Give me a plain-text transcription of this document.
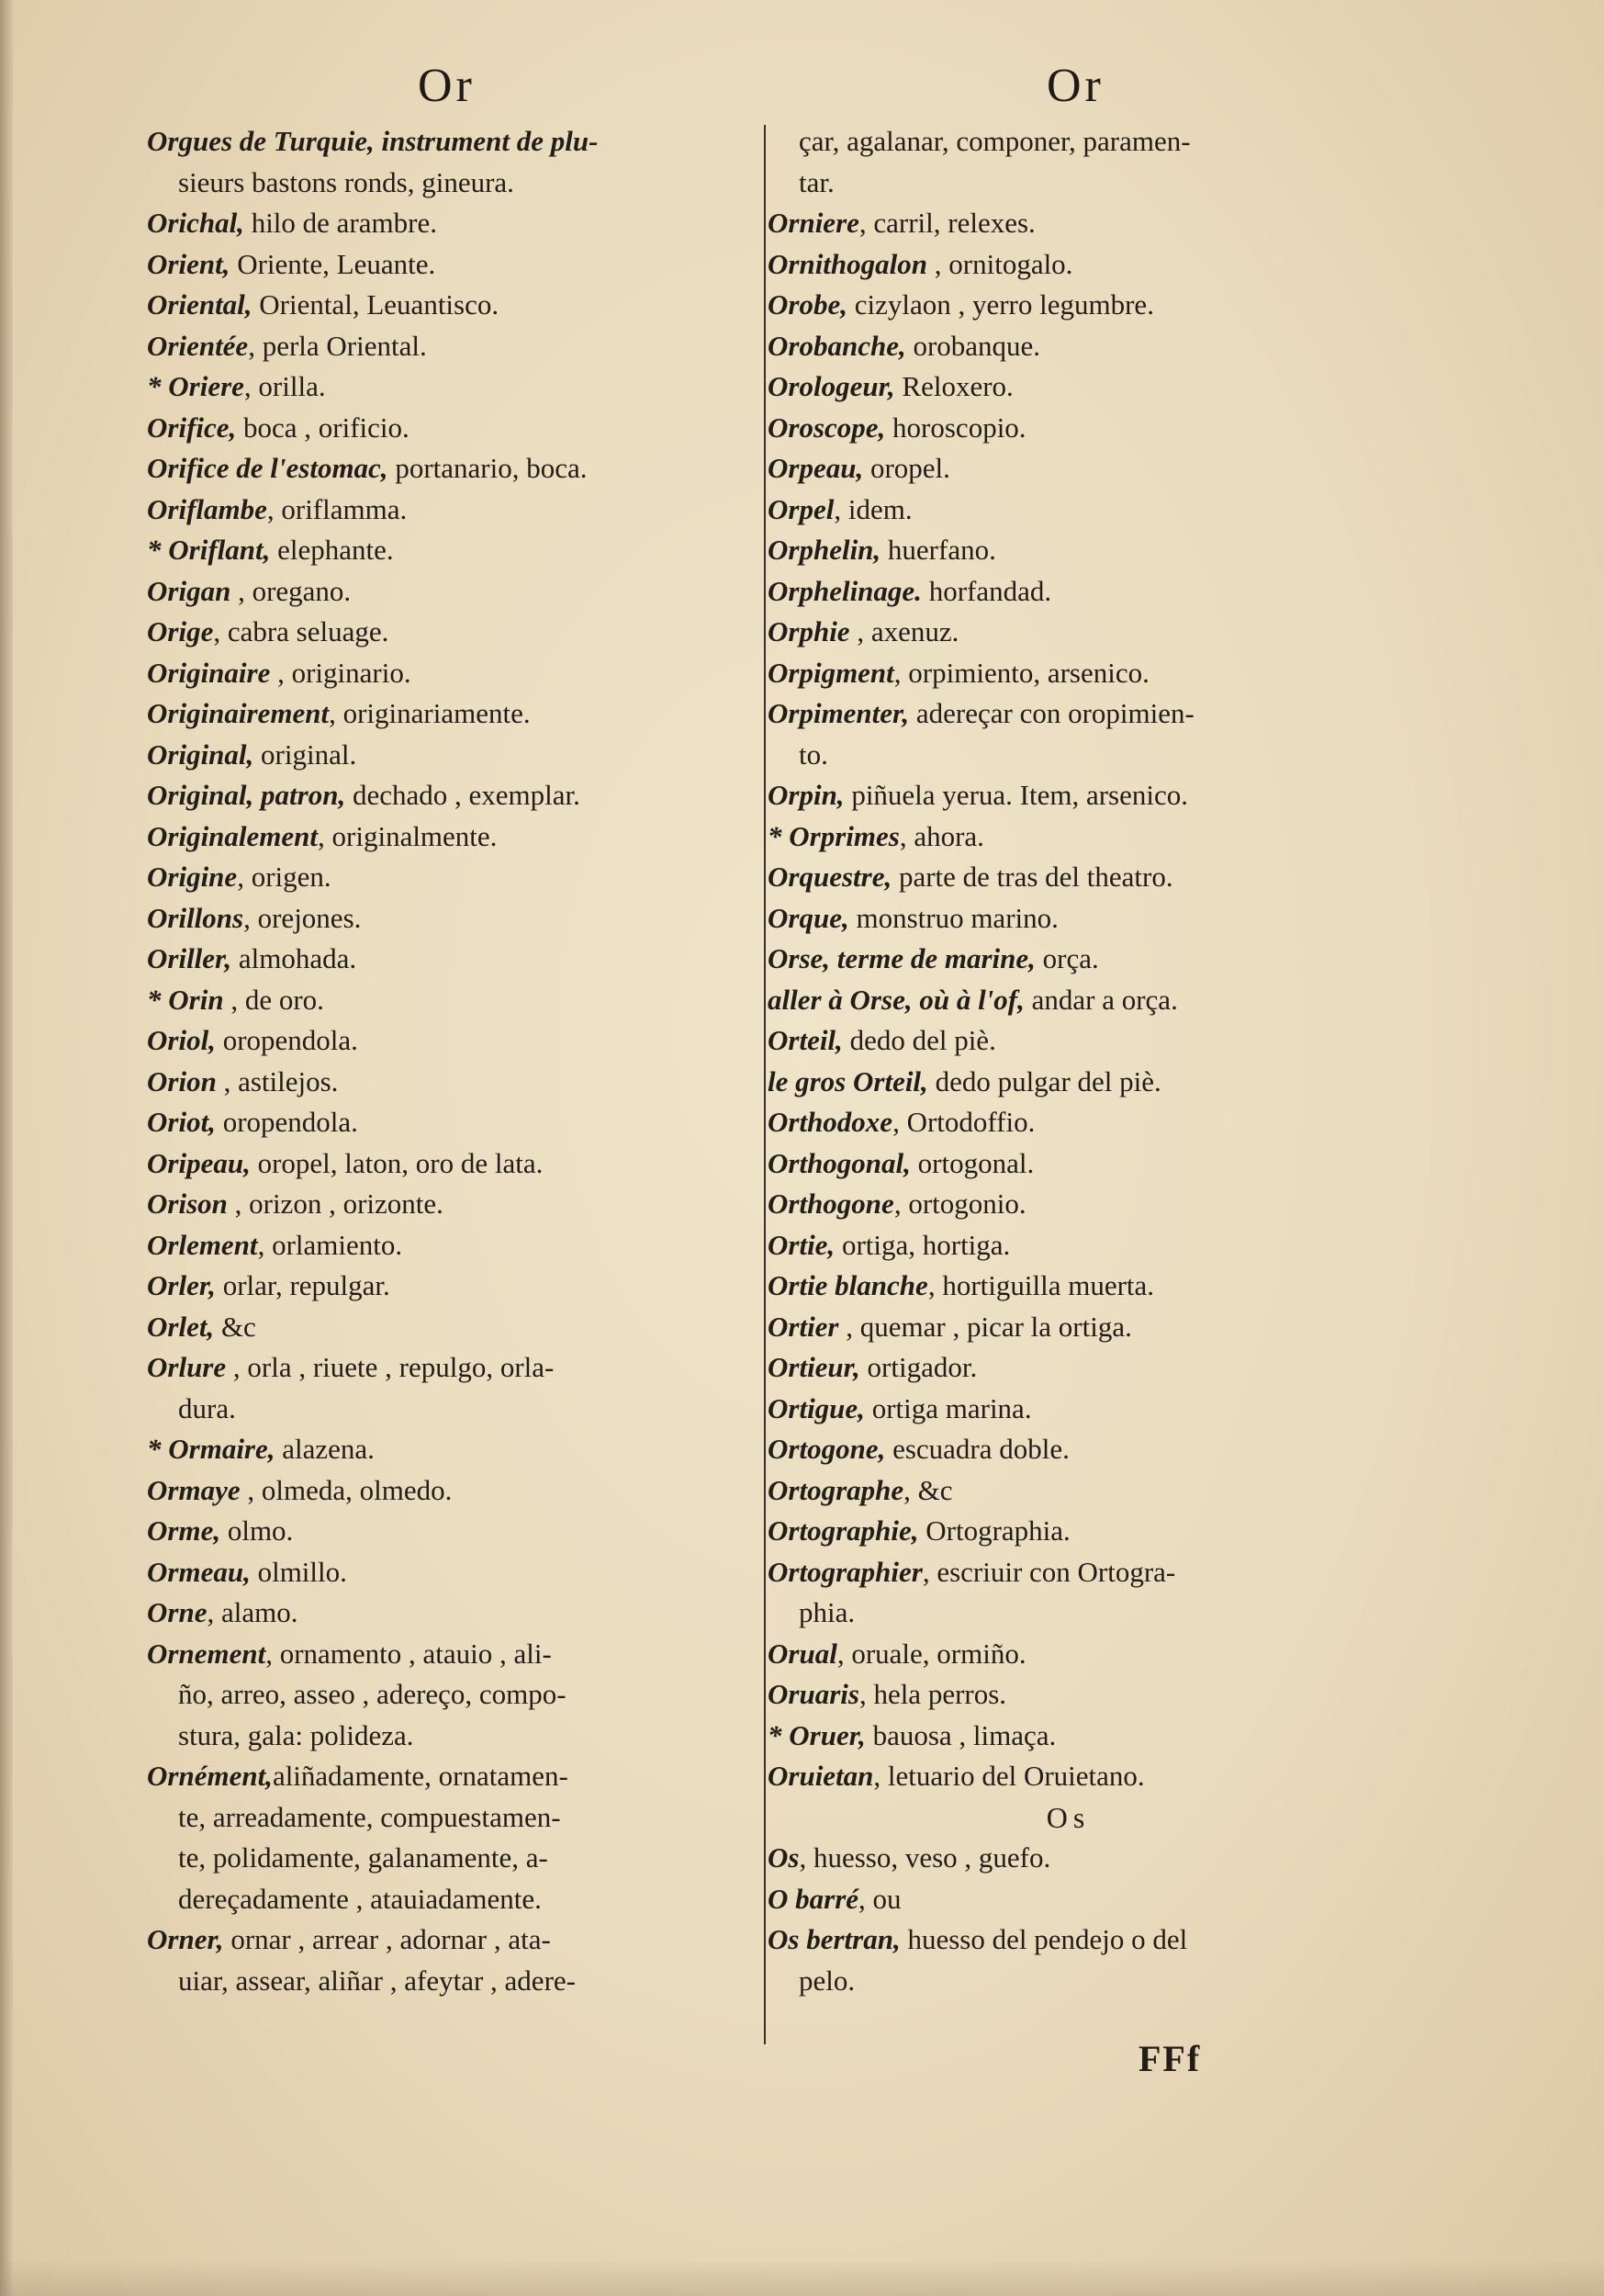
Or	Or
Orgues de Turquie, instrument de plu-
sieurs bastons ronds, gineura.
Orichal, hilo de arambre.
Orient, Oriente, Leuante.
Oriental, Oriental, Leuantisco.
Orientée, perla Oriental.
* Oriere, orilla.
Orifice, boca , orificio.
Orifice de l'estomac, portanario, boca.
Oriflambe, oriflamma.
* Oriflant, elephante.
Origan , oregano.
Orige, cabra seluage.
Originaire , originario.
Originairement, originariamente.
Original, original.
Original, patron, dechado , exemplar.
Originalement, originalmente.
Origine, origen.
Orillons, orejones.
Oriller, almohada.
* Orin , de oro.
Oriol, oropendola.
Orion , astilejos.
Oriot, oropendola.
Oripeau, oropel, laton, oro de lata.
Orison , orizon , orizonte.
Orlement, orlamiento.
Orler, orlar, repulgar.
Orlet, &c
Orlure , orla , riuete , repulgo, orla-
dura.
* Ormaire, alazena.
Ormaye , olmeda, olmedo.
Orme, olmo.
Ormeau, olmillo.
Orne, alamo.
Ornement, ornamento , atauio , ali-
ño, arreo, asseo , adereço, compo-
stura, gala: polideza.
Ornément,aliñadamente, ornatamen-
te, arreadamente, compuestamen-
te, polidamente, galanamente, a-
dereçadamente , atauiadamente.
Orner, ornar , arrear , adornar , ata-
uiar, assear, aliñar , afeytar , adere-
çar, agalanar, componer, paramen-
tar.
Orniere, carril, relexes.
Ornithogalon , ornitogalo.
Orobe, cizylaon , yerro legumbre.
Orobanche, orobanque.
Orologeur, Reloxero.
Oroscope, horoscopio.
Orpeau, oropel.
Orpel, idem.
Orphelin, huerfano.
Orphelinage. horfandad.
Orphie , axenuz.
Orpigment, orpimiento, arsenico.
Orpimenter, adereçar con oropimien-
to.
Orpin, piñuela yerua. Item, arsenico.
* Orprimes, ahora.
Orquestre, parte de tras del theatro.
Orque, monstruo marino.
Orse, terme de marine, orça.
aller à Orse, où à l'of, andar a orça.
Orteil, dedo del piè.
le gros Orteil, dedo pulgar del piè.
Orthodoxe, Ortodoffio.
Orthogonal, ortogonal.
Orthogone, ortogonio.
Ortie, ortiga, hortiga.
Ortie blanche, hortiguilla muerta.
Ortier , quemar , picar la ortiga.
Ortieur, ortigador.
Ortigue, ortiga marina.
Ortogone, escuadra doble.
Ortographe, &c
Ortographie, Ortographia.
Ortographier, escriuir con Ortogra-
phia.
Orual, oruale, ormiño.
Oruaris, hela perros.
* Oruer, bauosa , limaça.
Oruietan, letuario del Oruietano.
Os
Os, huesso, veso , guefo.
O barré, ou
Os bertran, huesso del pendejo o del
pelo.
FFf
